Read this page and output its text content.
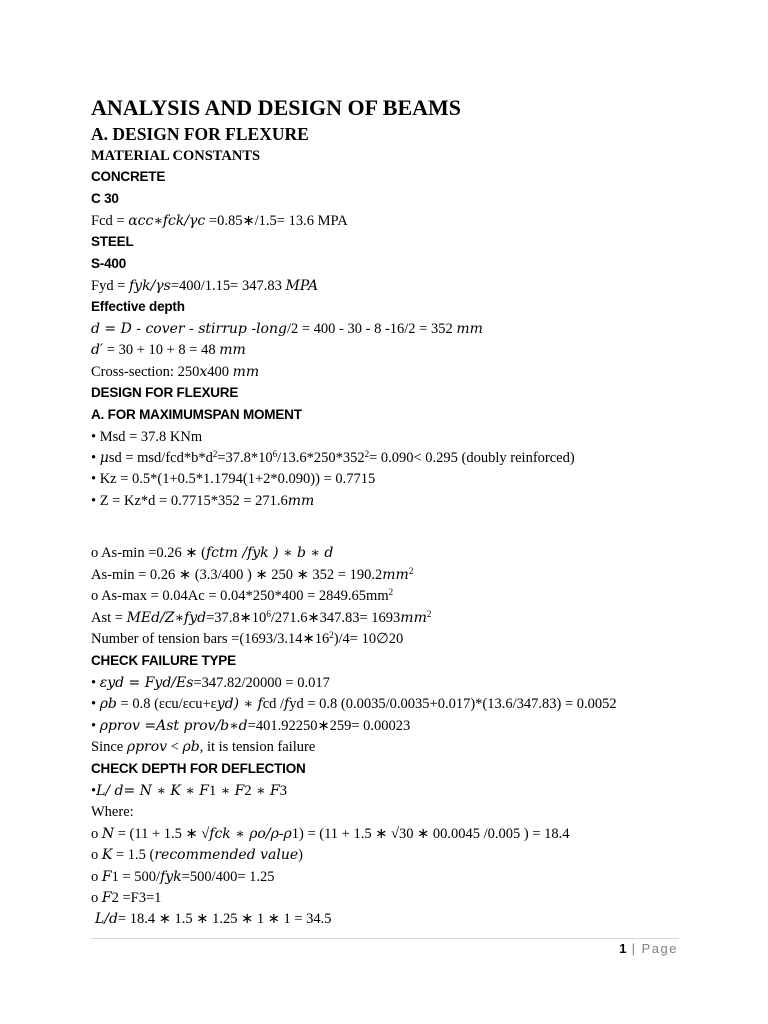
ANALYSIS AND DESIGN OF BEAMS
A. DESIGN FOR FLEXURE
MATERIAL CONSTANTS
CONCRETE
C 30
Fcd = αcc∗fck/γc =0.85∗/1.5= 13.6 MPA
STEEL
S-400
Fyd = fyk/γs=400/1.15= 347.83 MPA
Effective depth
d = D - cover - stirrup -long/2 = 400 - 30 - 8 -16/2 = 352 mm
d′ = 30 + 10 + 8 = 48 mm
Cross-section: 250x400 mm
DESIGN FOR FLEXURE
A. FOR MAXIMUMSPAN MOMENT
• Msd = 37.8 KNm
• μsd = msd/$fcd*b*d^2=37.8*10^6/13.6*250*352^2= 0.090< 0.295$ (doubly reinforced)
• Kz = 0.5*(1+0.5*1.1794(1+2*0.090)) = 0.7715
• Z = Kz*d = 0.7715*352 = 271.6mm
o As-min =0.26 ∗ (fctm /fyk ) ∗ b ∗ d
As-min = 0.26 ∗ (3.3/400 ) ∗ 250 ∗ $352 = 190.2mm^2$
o $As-\max = 0.04Ac = 0.04*250*400 = 2849.65mm^2$
Ast = MEd/$Z∗fyd=37.8∗10^6/271.6∗347.83= 1693mm^2$
Number of tension bars $=(1693/3.14∗16^2)/4=$ 10∅20
CHECK FAILURE TYPE
• εyd = Fyd/Es=347.82/20000 = 0.017
• ρb = 0.8 (εcu/εcu+εyd) ∗ fcd /fyd = 0.8 (0.0035/0.0035+0.017)*(13.6/347.83) = 0.0052
• ρprov =Ast prov/b∗d=401.92250∗259= 0.00023
Since ρprov < ρb, it is tension failure
CHECK DEPTH FOR DEFLECTION
•L/ d= N ∗ K ∗ F1 ∗ F2 ∗ F3
Where:
o N = (11 + 1.5 ∗ √fck ∗ ρo/ρ-ρ1) = (11 + 1.5 ∗ √30 ∗ 00.0045 /0.005 ) = 18.4
o K = 1.5 (recommended value)
o F1 = 500/fyk=500/400= 1.25
o F2 =F3=1
L/d= 18.4 ∗ 1.5 ∗ 1.25 ∗ 1 ∗ 1 = 34.5
1 | Page
